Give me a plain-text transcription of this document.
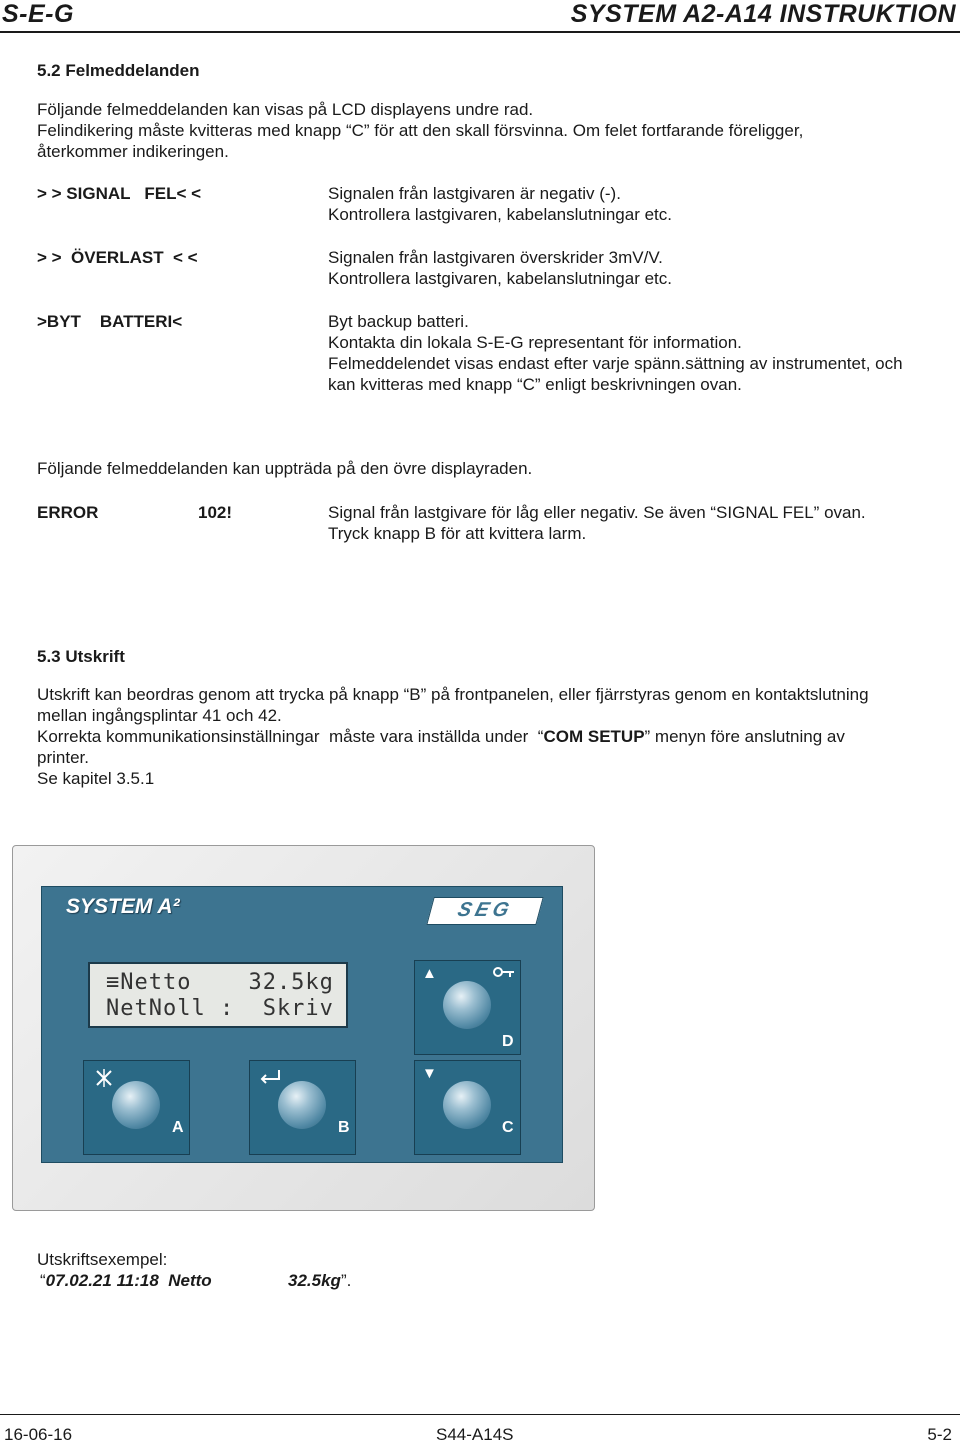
S-E-G	SYSTEM A2-A14 INSTRUKTION
5.2 Felmeddelanden
Följande felmeddelanden kan visas på LCD displayens undre rad.
Felindikering måste kvitteras med knapp “C” för att den skall försvinna. Om felet fortfarande föreligger,
återkommer indikeringen.
> > SIGNAL   FEL< <	Signalen från lastgivaren är negativ (-).
Kontrollera lastgivaren, kabelanslutningar etc.
> >  ÖVERLAST  < <	Signalen från lastgivaren överskrider 3mV/V.
Kontrollera lastgivaren, kabelanslutningar etc.
>BYT    BATTERI<	Byt backup batteri.
Kontakta din lokala S-E-G representant för information.
Felmeddelendet visas endast efter varje spänn.sättning av instrumentet, och
kan kvitteras med knapp “C” enligt beskrivningen ovan.
Följande felmeddelanden kan uppträda på den övre displayraden.
ERROR	102!	Signal från lastgivare för låg eller negativ. Se även “SIGNAL FEL” ovan.
Tryck knapp B för att kvittera larm.
5.3 Utskrift
Utskrift kan beordras genom att trycka på knapp “B” på frontpanelen, eller fjärrstyras genom en kontaktslutning
mellan ingångsplintar 41 och 42.
Korrekta kommunikationsinställningar  måste vara inställda under  “COM SETUP” menyn före anslutning av
printer.
Se kapitel 3.5.1
SYSTEM A²	SEG
≡Netto    32.5kg
NetNoll :  Skriv
▲
D
A	B
▼
C
Utskriftsexempel:
“07.02.21 11:18  Netto	32.5kg”.
16-06-16	S44-A14S	5-2
